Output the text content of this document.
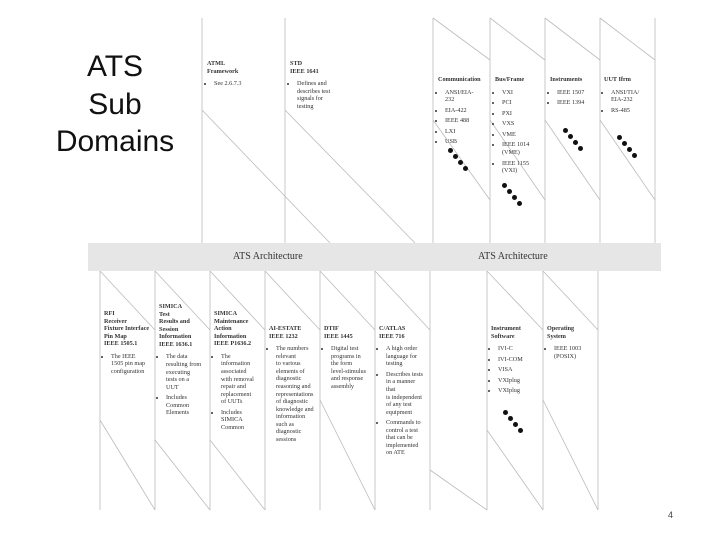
ATS
Sub
Domains
ATML
Framework
• See 2.6.7.3
STD
IEEE 1641
• Defines and
describes test
signals for
testing
Communication
• ANSI/EIA-
232
• EIA-422
• IEEE 488
• LXI
• USB
Bus/Frame
• VXI
• PCI
• PXI
• VXS
• VME
• IEEE 1014
(VME)
• IEEE 1155
(VXI)
Instruments
• IEEE 1507
• IEEE 1394
UUT Ifrm
• ANSI/TIA/
EIA-232
• RS-485
ATS Architecture	ATS Architecture
RFI
Receiver
Fixture Interface
Pin Map
IEEE 1505.1
• The IEEE
1505 pin map
configuration
SIMICA
Test
Results and
Session
Information
IEEE 1636.1
• The data
resulting from
executing
tests on a
UUT
• Includes
Common
Elements
SIMICA
Maintenance
Action
Information
IEEE P1636.2
• The
information
associated
with removal
repair and
replacement
of UUTs
• Includes
SIMICA
Common
AI-ESTATE
IEEE 1232
• The numbers
relevant
to various
elements of
diagnostic
reasoning and
representations
of diagnostic
knowledge and
information
such as
diagnostic
sessions
DTIF
IEEE 1445
• Digital test
programs in
the form
level-stimulus
and response
assembly
C/ATLAS
IEEE 716
• A high order
language for
testing
• Describes tests
in a manner
that
is independent
of any test
equipment
• Commands to
control a test
that can be
implemented
on ATE
Instrument
Software
• IVI-C
• IVI-COM
• VISA
• VXIplug
• VXIplug
Operating
System
• IEEE 1003
(POSIX)
4
